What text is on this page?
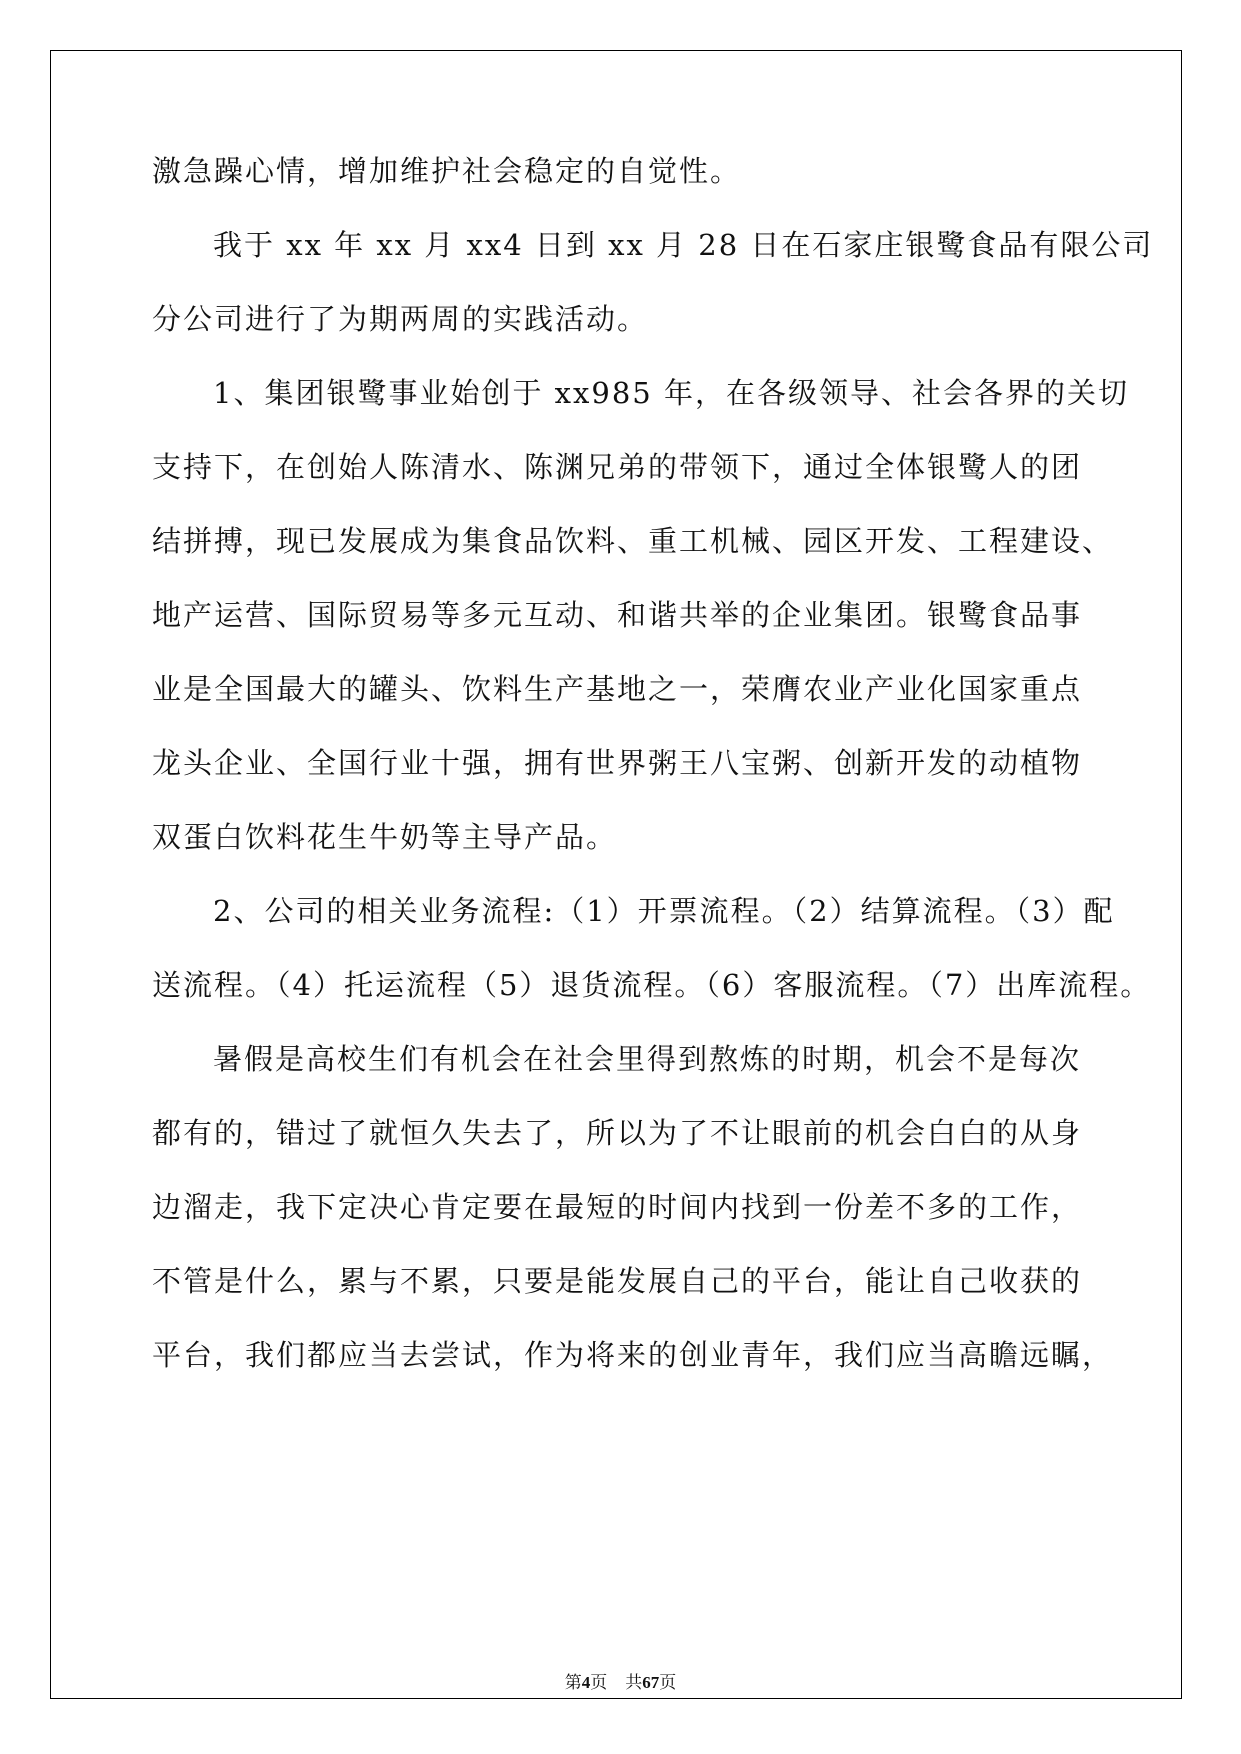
激急躁心情，增加维护社会稳定的自觉性。
我于 xx 年 xx 月 xx4 日到 xx 月 28 日在石家庄银鹭食品有限公司
分公司进行了为期两周的实践活动。
1、集团银鹭事业始创于 xx985 年，在各级领导、社会各界的关切
支持下，在创始人陈清水、陈渊兄弟的带领下，通过全体银鹭人的团
结拼搏，现已发展成为集食品饮料、重工机械、园区开发、工程建设、
地产运营、国际贸易等多元互动、和谐共举的企业集团。银鹭食品事
业是全国最大的罐头、饮料生产基地之一，荣膺农业产业化国家重点
龙头企业、全国行业十强，拥有世界粥王八宝粥、创新开发的动植物
双蛋白饮料花生牛奶等主导产品。
2、公司的相关业务流程:（1）开票流程。（2）结算流程。（3）配
送流程。（4）托运流程（5）退货流程。（6）客服流程。（7）出库流程。
暑假是高校生们有机会在社会里得到熬炼的时期，机会不是每次
都有的，错过了就恒久失去了，所以为了不让眼前的机会白白的从身
边溜走，我下定决心肯定要在最短的时间内找到一份差不多的工作，
不管是什么，累与不累，只要是能发展自己的平台，能让自己收获的
平台，我们都应当去尝试，作为将来的创业青年，我们应当高瞻远瞩，
第4页 共67页
